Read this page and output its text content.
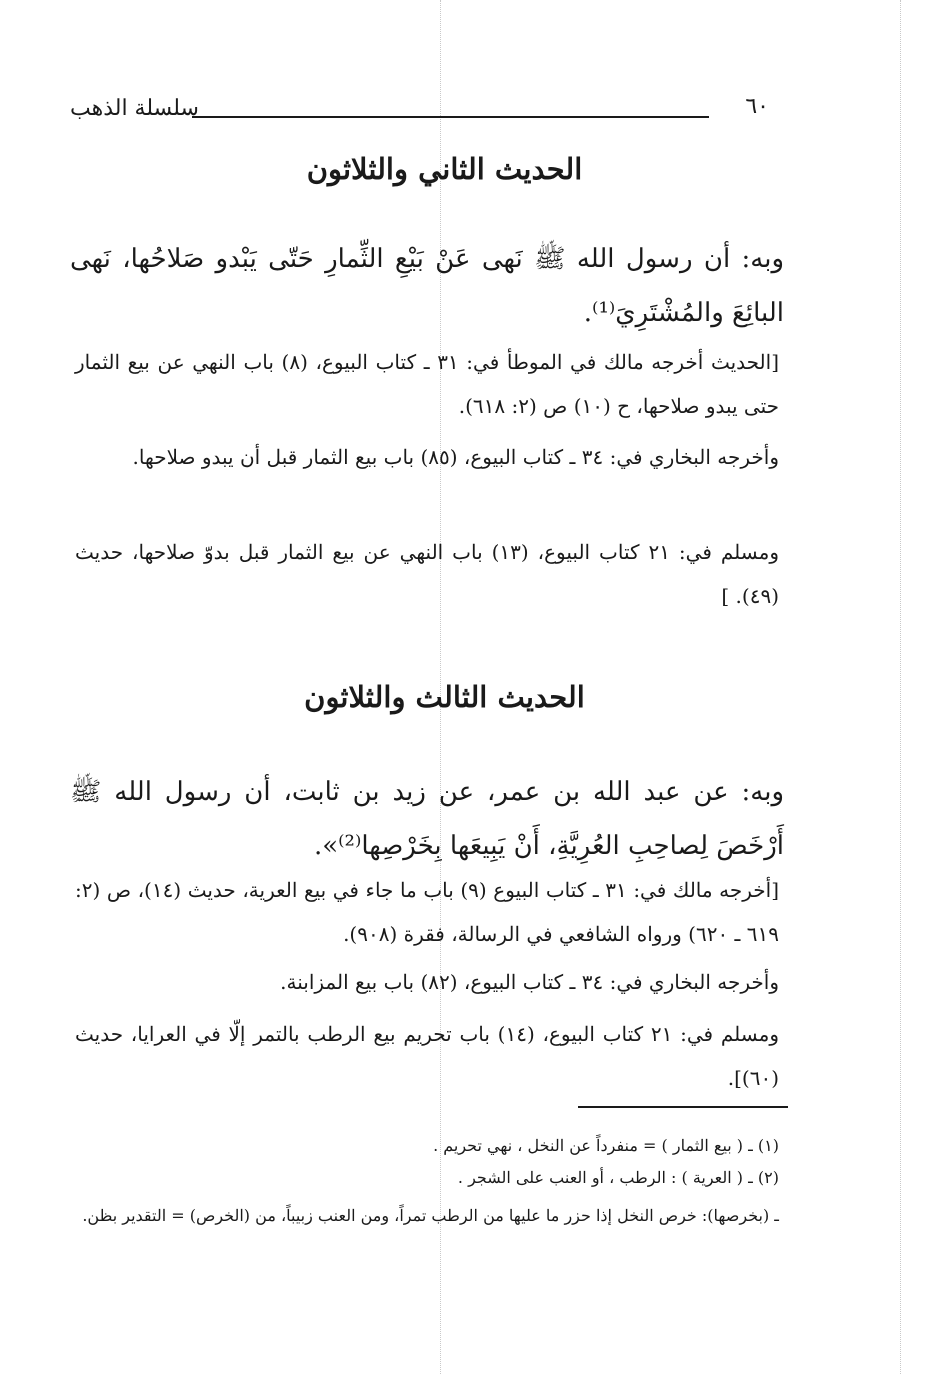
سلسلة الذهب	٦٠
الحديث الثاني والثلاثون

وبه: أن رسول الله ﷺ نَهى عَنْ بَيْعِ الثِّمارِ حَتّى يَبْدو صَلاحُها، نَهى البائِعَ والمُشْتَرِيَ⁽¹⁾.

[الحديث أخرجه مالك في الموطأ في: ٣١ ـ كتاب البيوع، (٨) باب النهي عن بيع الثمار حتى يبدو صلاحها، ح (١٠) ص (٢: ٦١٨).

وأخرجه البخاري في: ٣٤ ـ كتاب البيوع، (٨٥) باب بيع الثمار قبل أن يبدو صلاحها.

ومسلم في: ٢١ كتاب البيوع، (١٣) باب النهي عن بيع الثمار قبل بدوّ صلاحها، حديث (٤٩). ]

الحديث الثالث والثلاثون

وبه: عن عبد الله بن عمر، عن زيد بن ثابت، أن رسول الله ﷺ أَرْخَصَ لِصاحِبِ العُرِيَّةِ، أَنْ يَبِيعَها بِخَرْصِها⁽²⁾».

[أخرجه مالك في: ٣١ ـ كتاب البيوع (٩) باب ما جاء في بيع العرية، حديث (١٤)، ص (٢: ٦١٩ ـ ٦٢٠) ورواه الشافعي في الرسالة، فقرة (٩٠٨).

وأخرجه البخاري في: ٣٤ ـ كتاب البيوع، (٨٢) باب بيع المزابنة.

ومسلم في: ٢١ كتاب البيوع، (١٤) باب تحريم بيع الرطب بالتمر إلّا في العرايا، حديث (٦٠)].

(١) ـ ( بيع الثمار ) = منفرداً عن النخل ، نهي تحريم .

(٢) ـ ( العرية ) : الرطب ، أو العنب على الشجر .

ـ (بخرصها): خرص النخل إذا حزر ما عليها من الرطب تمراً، ومن العنب زبيباً، من (الخرص) = التقدير بظن.
